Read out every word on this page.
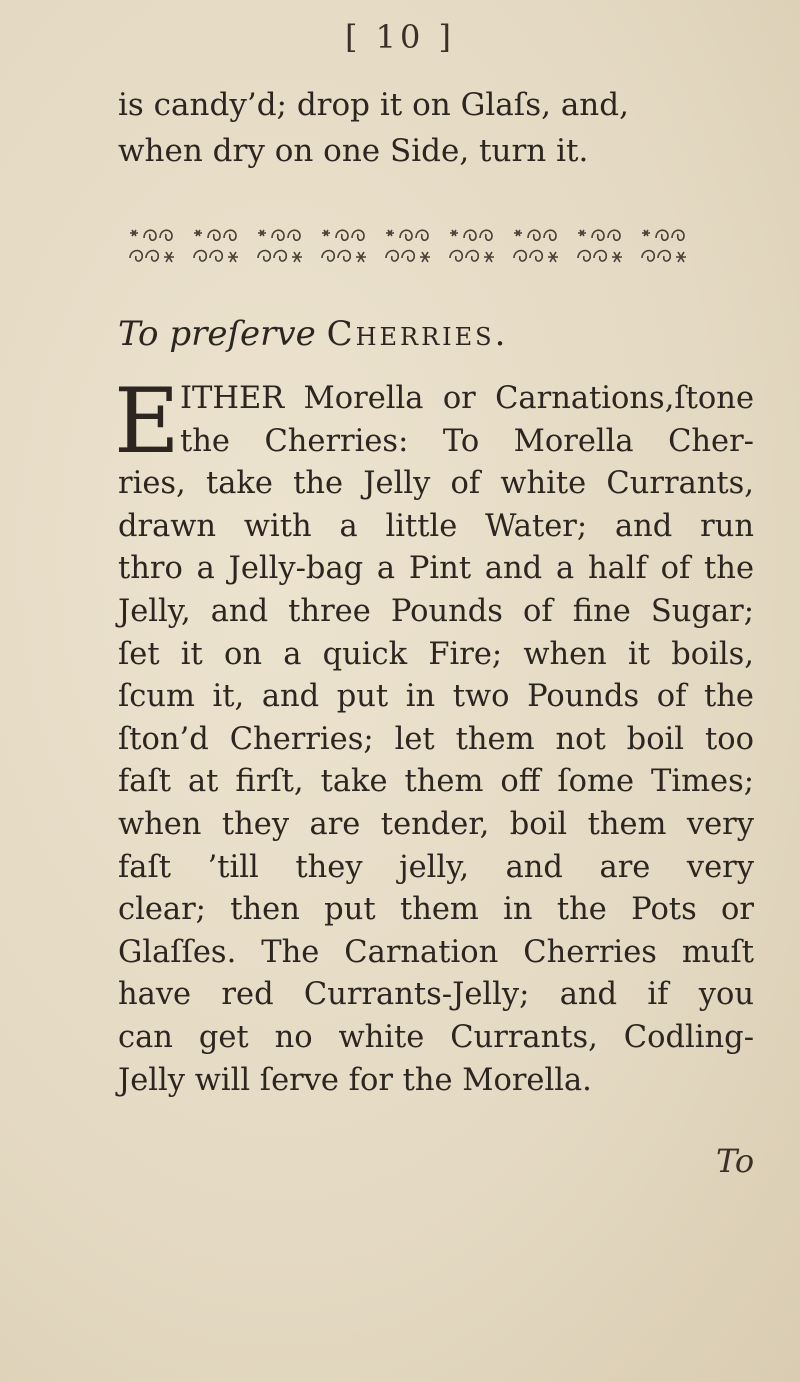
[ 10 ]

is candy’d; drop it on Glaſs, and,
when dry on one Side, turn it.

To preſerve Cherries.
E ITHER Morella or Carnations,ſtone
the Cherries: To Morella Cher-
ries, take the Jelly of white Currants,
drawn with a little Water; and run
thro a Jelly-bag a Pint and a half of the
Jelly, and three Pounds of fine Sugar;
ſet it on a quick Fire; when it boils,
ſcum it, and put in two Pounds of the
ſton’d Cherries; let them not boil too
faſt at firſt, take them off ſome Times;
when they are tender, boil them very
faſt ’till they jelly, and are very
clear; then put them in the Pots or
Glaſſes. The Carnation Cherries muſt
have red Currants-Jelly; and if you
can get no white Currants, Codling-
Jelly will ſerve for the Morella.

To
